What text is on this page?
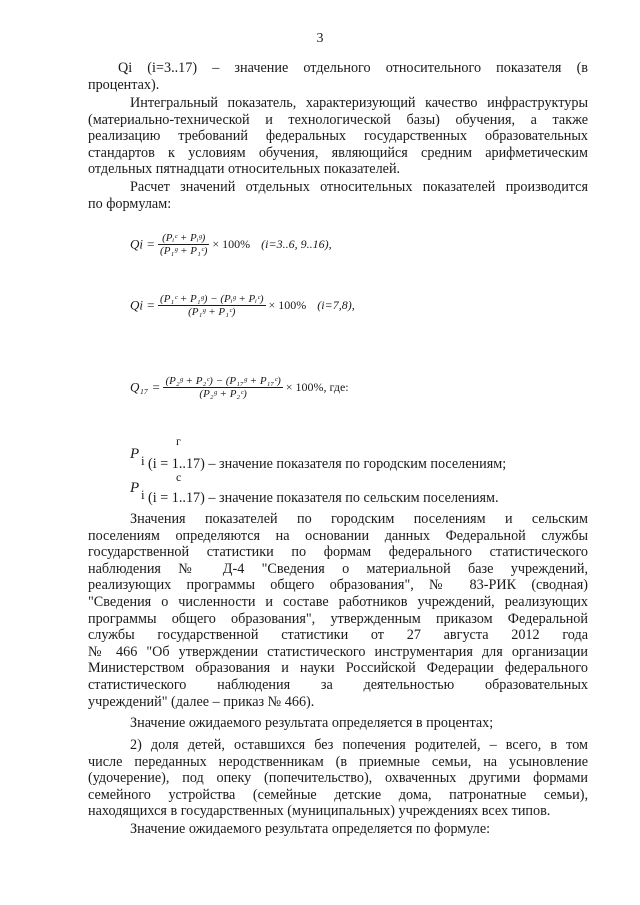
3
Qi (i=3..17) – значение отдельного относительного показателя (в
процентах).
Интегральный показатель, характеризующий качество инфраструктуры
(материально-технической и технологической базы) обучения, а также
реализацию требований федеральных государственных образовательных
стандартов к условиям обучения, являющийся средним арифметическим
отдельных пятнадцати относительных показателей.
Расчет значений отдельных относительных показателей производится
по формулам:
$Qi = \frac{\text{(Pᵢᶜ + Pᵢᵍ)}}{\text{(P₁ᵍ + P₁ᶜ)}} \times 100\%$ (i=3..6, 9..16),
$Qi = \frac{\text{(P₁ᶜ + P₁ᵍ) − (Pᵢᵍ + Pᵢᶜ)}}{\text{(P₁ᵍ + P₁ᶜ)}} \times 100\%$ (i=7,8),
$Q_{17} = \frac{\text{(P₂ᵍ + P₂ᶜ) − (P₁₇ᵍ + P₁₇ᶜ)}}{\text{(P₂ᵍ + P₂ᶜ)}} \times 100\%$, где:
г
P i (i = 1..17) – значение показателя по городским поселениям;
с
P i (i = 1..17) – значение показателя по сельским поселениям.
Значения показателей по городским поселениям и сельским
поселениям определяются на основании данных Федеральной службы
государственной статистики по формам федерального статистического
наблюдения № Д-4 "Сведения о материальной базе учреждений,
реализующих программы общего образования", № 83-РИК (сводная)
"Сведения о численности и составе работников учреждений, реализующих
программы общего образования", утвержденным приказом Федеральной
службы государственной статистики от 27 августа 2012 года
№ 466 "Об утверждении статистического инструментария для организации
Министерством образования и науки Российской Федерации федерального
статистического наблюдения за деятельностью образовательных
учреждений" (далее – приказ № 466).
Значение ожидаемого результата определяется в процентах;
2) доля детей, оставшихся без попечения родителей, – всего, в том
числе переданных неродственникам (в приемные семьи, на усыновление
(удочерение), под опеку (попечительство), охваченных другими формами
семейного устройства (семейные детские дома, патронатные семьи),
находящихся в государственных (муниципальных) учреждениях всех типов.
Значение ожидаемого результата определяется по формуле:
